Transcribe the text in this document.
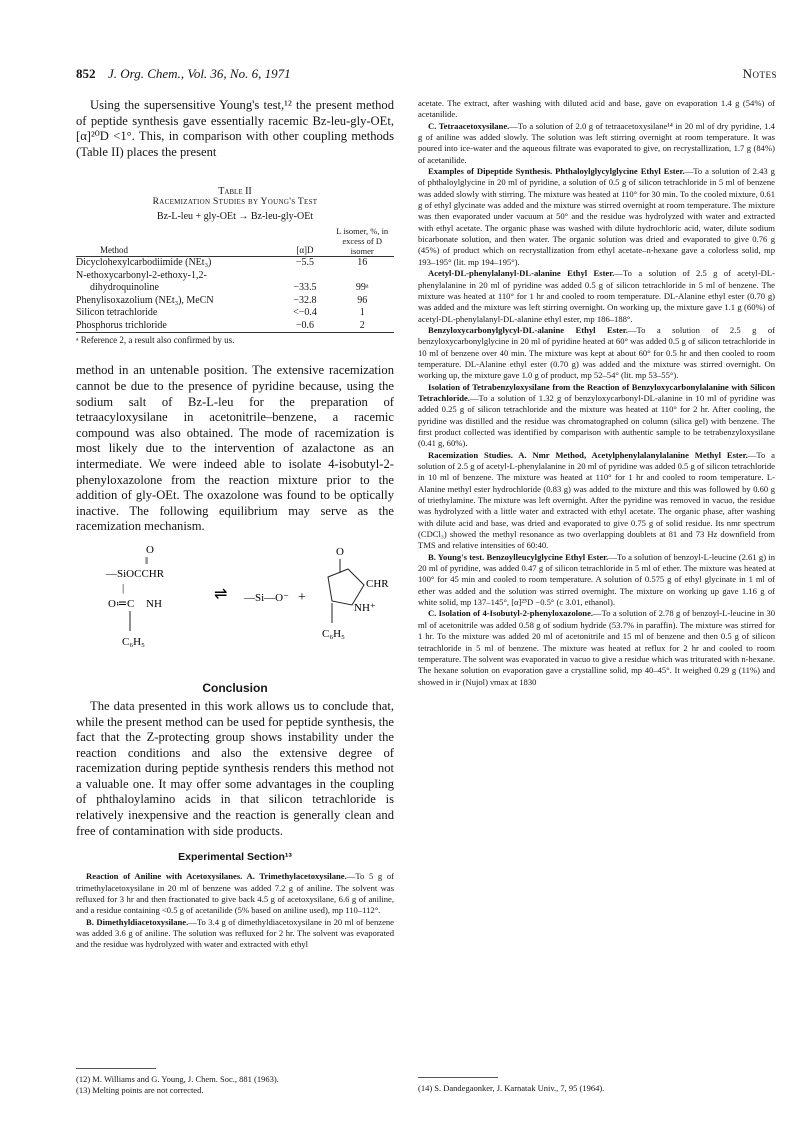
852 J. Org. Chem., Vol. 36, No. 6, 1971	Notes

Using the supersensitive Young's test,¹² the present method of peptide synthesis gave essentially racemic Bz-leu-gly-OEt, [α]²⁰D <1°. This, in comparison with other coupling methods (Table II) places the present

Table II
Racemization Studies by Young's Test
Bz-L-leu + gly-OEt → Bz-leu-gly-OEt
Method	[α]D	L isomer, %, in excess of D isomer

Dicyclohexylcarbodiimide (NEt₃)	−5.5	16
N-ethoxycarbonyl-2-ethoxy-1,2-		
dihydroquinoline	−33.5	99ᵃ
Phenylisoxazolium (NEt₃), MeCN	−32.8	96
Silicon tetrachloride	<−0.4	1
Phosphorus trichloride	−0.6	2

ᵃ Reference 2, a result also confirmed by us.

method in an untenable position. The extensive racemization cannot be due to the presence of pyridine because, using the sodium salt of Bz-L-leu for the preparation of tetraacyloxysilane in acetonitrile–benzene, a racemic compound was also obtained. The mode of racemization is most likely due to the intervention of azalactone as an intermediate. We were indeed able to isolate 4-isobutyl-2-phenyloxazolone from the reaction mixture prior to the addition of gly-OEt. The oxazolone was found to be optically inactive. The following equilibrium may serve as the racemization mechanism.

O
‖
—SiOCCHR
|
NH
O≔C
C₆H₅
⇌ —Si—O⁻ +
O
CHR
NH⁺
C₆H₅
Conclusion

The data presented in this work allows us to conclude that, while the present method can be used for peptide synthesis, the fact that the Z-protecting group shows instability under the reaction conditions and also the extensive degree of racemization during peptide synthesis renders this method not a valuable one. It may offer some advantages in the coupling of phthaloylamino acids in that silicon tetrachloride is relatively inexpensive and the reaction is generally clean and free of contamination with side products.

Experimental Section¹³

Reaction of Aniline with Acetoxysilanes. A. Trimethylacetoxysilane.—To 5 g of trimethylacetoxysilane in 20 ml of benzene was added 7.2 g of aniline. The solvent was refluxed for 3 hr and then fractionated to give back 4.5 g of acetoxysilane, 6.6 g of aniline, and a residue containing <0.5 g of acetanilide (5% based on aniline used), mp 110–112°.

B. Dimethyldiacetoxysilane.—To 3.4 g of dimethyldiacetoxysilane in 20 ml of benzene was added 3.6 g of aniline. The solution was refluxed for 2 hr. The solvent was evaporated and the residue was hydrolyzed with water and extracted with ethyl

(12) M. Williams and G. Young, J. Chem. Soc., 881 (1963).
(13) Melting points are not corrected.

acetate. The extract, after washing with diluted acid and base, gave on evaporation 1.4 g (54%) of acetanilide.

C. Tetraacetoxysilane.—To a solution of 2.0 g of tetraacetoxysilane¹⁴ in 20 ml of dry pyridine, 1.4 g of aniline was added slowly. The solution was left stirring overnight at room temperature. It was poured into ice-water and the aqueous filtrate was evaporated to give, on recrystallization, 1.7 g (84%) of acetanilide.

Examples of Dipeptide Synthesis. Phthaloylglycylglycine Ethyl Ester.—To a solution of 2.43 g of phthaloylglycine in 20 ml of pyridine, a solution of 0.5 g of silicon tetrachloride in 5 ml of benzene was added slowly with stirring. The mixture was heated at 110° for 30 min. To the cooled mixture, 0.61 g of ethyl glycinate was added and the mixture was stirred overnight at room temperature. The mixture was then evaporated under vacuum at 50° and the residue was hydrolyzed with water and extracted with ethyl acetate. The organic phase was washed with dilute hydrochloric acid, water, dilute sodium bicarbonate solution, and then water. The organic solution was dried and evaporated to give 0.76 g (45%) of product which on recrystallization from ethyl acetate–n-hexane gave a colorless solid, mp 193–195° (lit. mp 194–195°).

Acetyl-DL-phenylalanyl-DL-alanine Ethyl Ester.—To a solution of 2.5 g of acetyl-DL-phenylalanine in 20 ml of pyridine was added 0.5 g of silicon tetrachloride in 5 ml of benzene. The mixture was heated at 110° for 1 hr and cooled to room temperature. DL-Alanine ethyl ester (0.70 g) was added and the mixture was left stirring overnight. On working up, the mixture gave 1.1 g (60%) of acetyl-DL-phenylalanyl-DL-alanine ethyl ester, mp 186–188°.

Benzyloxycarbonylglycyl-DL-alanine Ethyl Ester.—To a solution of 2.5 g of benzyloxycarbonylglycine in 20 ml of pyridine heated at 60° was added 0.5 g of silicon tetrachloride in 10 ml of benzene over 40 min. The mixture was kept at about 60° for 0.5 hr and then cooled to room temperature. DL-Alanine ethyl ester (0.70 g) was added and the mixture was stirred overnight. On working up, the mixture gave 1.0 g of product, mp 52–54° (lit. mp 53–55°).

Isolation of Tetrabenzyloxysilane from the Reaction of Benzyloxycarbonylalanine with Silicon Tetrachloride.—To a solution of 1.32 g of benzyloxycarbonyl-DL-alanine in 10 ml of pyridine was added 0.25 g of silicon tetrachloride and the mixture was heated at 110° for 2 hr. After cooling, the pyridine was distilled and the residue was chromatographed on column (silica gel) with benzene. The first product collected was identified by comparison with authentic sample to be tetrabenzyloxysilane (0.41 g, 60%).

Racemization Studies. A. Nmr Method, Acetylphenylalanylalanine Methyl Ester.—To a solution of 2.5 g of acetyl-L-phenylalanine in 20 ml of pyridine was added 0.5 g of silicon tetrachloride in 10 ml of benzene. The mixture was heated at 110° for 1 hr and cooled to room temperature. L-Alanine methyl ester hydrochloride (0.83 g) was added to the mixture and this was followed by 0.60 g of triethylamine. The mixture was left overnight. After the pyridine was removed in vacuo, the residue was hydrolyzed with a little water and extracted with ethyl acetate. The organic phase, after washing with dilute acid and base, was dried and evaporated to give 0.75 g of solid residue. Its nmr spectrum (CDCl₃) showed the methyl resonance as two overlapping doublets at 81 and 73 Hz downfield from TMS and relative intensities of 60:40.

B. Young's test. Benzoylleucylglycine Ethyl Ester.—To a solution of benzoyl-L-leucine (2.61 g) in 20 ml of pyridine, was added 0.47 g of silicon tetrachloride in 5 ml of ether. The mixture was heated at 100° for 45 min and cooled to room temperature. A solution of 0.575 g of ethyl glycinate in 1 ml of ether was added and the solution was stirred overnight. The mixture on working up gave 1.16 g of white solid, mp 137–145°, [α]²⁵D −0.5° (c 3.01, ethanol).

C. Isolation of 4-Isobutyl-2-phenyloxazolone.—To a solution of 2.78 g of benzoyl-L-leucine in 30 ml of acetonitrile was added 0.58 g of sodium hydride (53.7% in paraffin). The mixture was stirred for 1 hr. To the mixture was added 20 ml of acetonitrile and 15 ml of benzene and then 0.5 g of silicon tetrachloride in 5 ml of benzene. The mixture was heated at reflux for 2 hr and cooled to room temperature. The solvent was evaporated in vacuo to give a residue which was triturated with n-hexane. The hexane solution on evaporation gave a crystalline solid, mp 40–45°. It weighed 0.29 g (11%) and showed in ir (Nujol) νmax at 1830

(14) S. Dandegaonker, J. Karnatak Univ., 7, 95 (1964).
